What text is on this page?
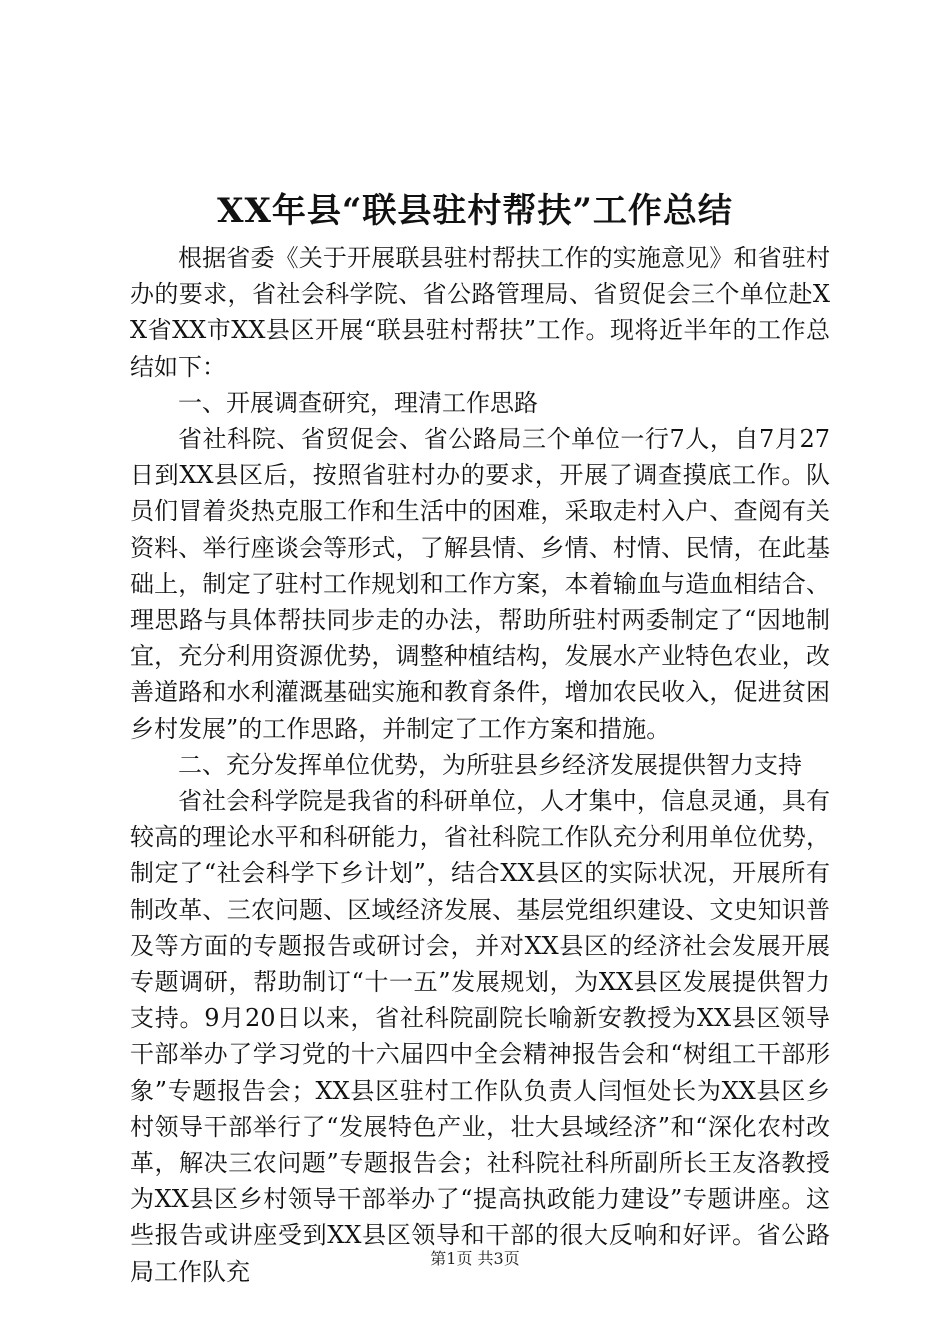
XX年县“联县驻村帮扶”工作总结

根据省委《关于开展联县驻村帮扶工作的实施意见》和省驻村办的要求，省社会科学院、省公路管理局、省贸促会三个单位赴XX省XX市XX县区开展“联县驻村帮扶”工作。现将近半年的工作总结如下：

一、开展调查研究，理清工作思路

省社科院、省贸促会、省公路局三个单位一行7人，自7月27日到XX县区后，按照省驻村办的要求，开展了调查摸底工作。队员们冒着炎热克服工作和生活中的困难，采取走村入户、查阅有关资料、举行座谈会等形式，了解县情、乡情、村情、民情，在此基础上，制定了驻村工作规划和工作方案，本着输血与造血相结合、理思路与具体帮扶同步走的办法，帮助所驻村两委制定了“因地制宜，充分利用资源优势，调整种植结构，发展水产业特色农业，改善道路和水利灌溉基础实施和教育条件，增加农民收入，促进贫困乡村发展”的工作思路，并制定了工作方案和措施。

二、充分发挥单位优势，为所驻县乡经济发展提供智力支持

省社会科学院是我省的科研单位，人才集中，信息灵通，具有较高的理论水平和科研能力，省社科院工作队充分利用单位优势，制定了“社会科学下乡计划”，结合XX县区的实际状况，开展所有制改革、三农问题、区域经济发展、基层党组织建设、文史知识普及等方面的专题报告或研讨会，并对XX县区的经济社会发展开展专题调研，帮助制订“十一五”发展规划，为XX县区发展提供智力支持。9月20日以来，省社科院副院长喻新安教授为XX县区领导干部举办了学习党的十六届四中全会精神报告会和“树组工干部形象”专题报告会；XX县区驻村工作队负责人闫恒处长为XX县区乡村领导干部举行了“发展特色产业，壮大县域经济”和“深化农村改革，解决三农问题”专题报告会；社科院社科所副所长王友洛教授为XX县区乡村领导干部举办了“提高执政能力建设”专题讲座。这些报告或讲座受到XX县区领导和干部的很大反响和好评。省公路局工作队充	第1页 共3页
